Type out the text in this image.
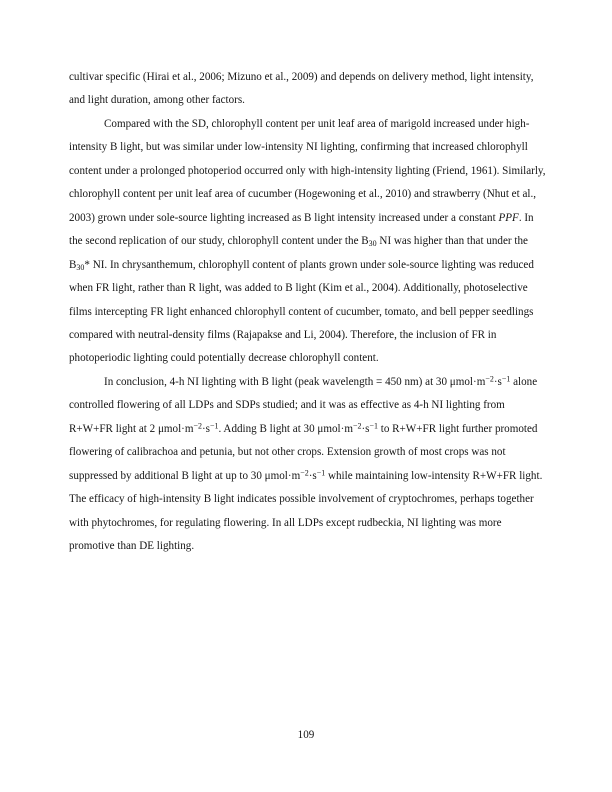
cultivar specific (Hirai et al., 2006; Mizuno et al., 2009) and depends on delivery method, light intensity, and light duration, among other factors.

Compared with the SD, chlorophyll content per unit leaf area of marigold increased under high-intensity B light, but was similar under low-intensity NI lighting, confirming that increased chlorophyll content under a prolonged photoperiod occurred only with high-intensity lighting (Friend, 1961). Similarly, chlorophyll content per unit leaf area of cucumber (Hogewoning et al., 2010) and strawberry (Nhut et al., 2003) grown under sole-source lighting increased as B light intensity increased under a constant PPF. In the second replication of our study, chlorophyll content under the $B_{30}$ NI was higher than that under the $B_{30}*$ NI. In chrysanthemum, chlorophyll content of plants grown under sole-source lighting was reduced when FR light, rather than R light, was added to B light (Kim et al., 2004). Additionally, photoselective films intercepting FR light enhanced chlorophyll content of cucumber, tomato, and bell pepper seedlings compared with neutral-density films (Rajapakse and Li, 2004). Therefore, the inclusion of FR in photoperiodic lighting could potentially decrease chlorophyll content.

In conclusion, 4-h NI lighting with B light (peak wavelength = 450 nm) at 30 $\mu mol\cdot m^{-2}\cdot s^{-1}$ alone controlled flowering of all LDPs and SDPs studied; and it was as effective as 4-h NI lighting from R+W+FR light at 2 $\mu mol\cdot m^{-2}\cdot s^{-1}$. Adding B light at 30 $\mu mol\cdot m^{-2}\cdot s^{-1}$ to R+W+FR light further promoted flowering of calibrachoa and petunia, but not other crops. Extension growth of most crops was not suppressed by additional B light at up to 30 $\mu mol\cdot m^{-2}\cdot s^{-1}$ while maintaining low-intensity R+W+FR light. The efficacy of high-intensity B light indicates possible involvement of cryptochromes, perhaps together with phytochromes, for regulating flowering. In all LDPs except rudbeckia, NI lighting was more promotive than DE lighting.

109
